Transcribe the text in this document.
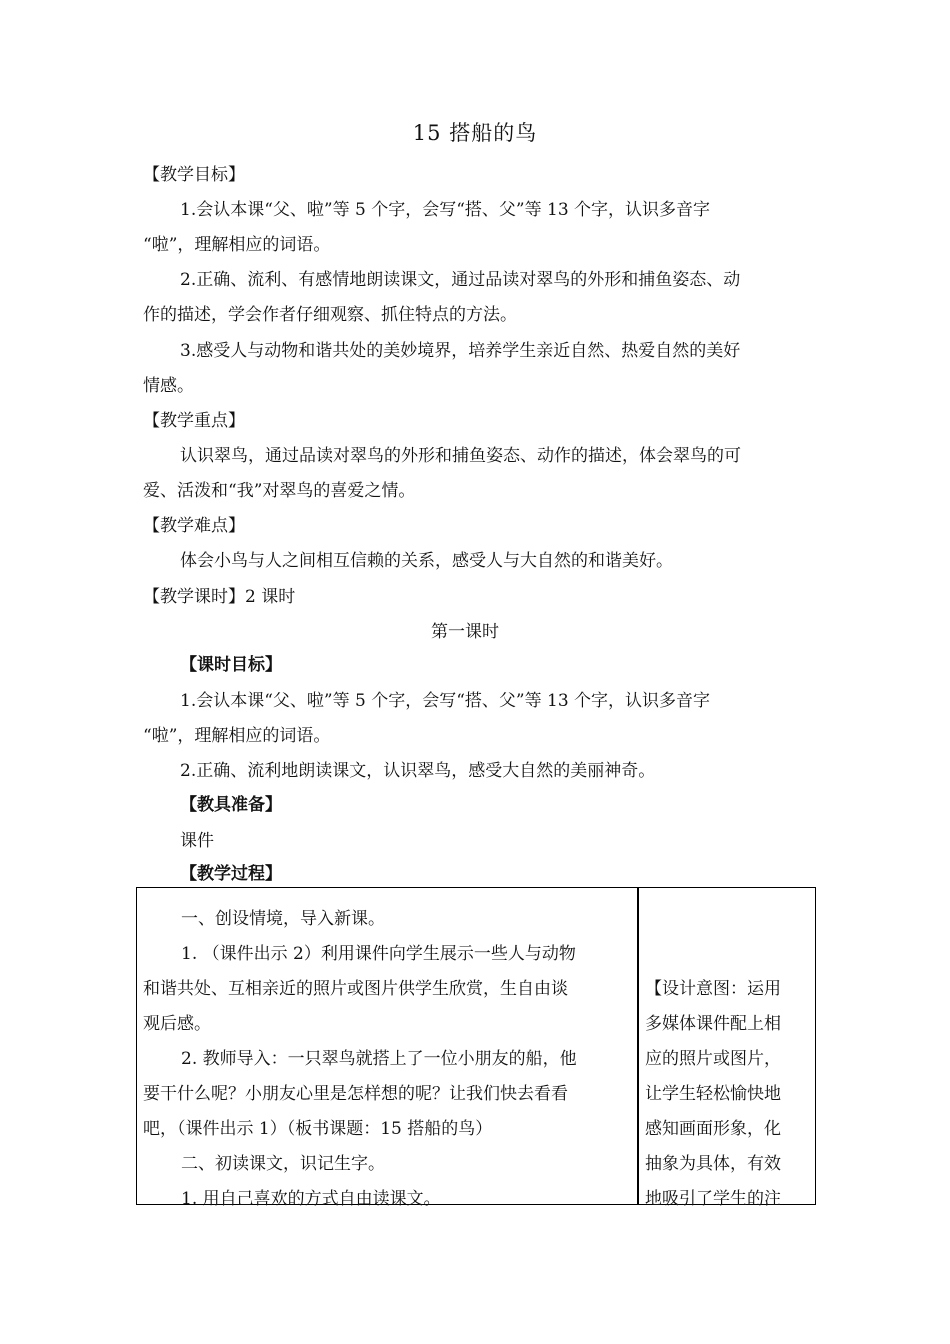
15 搭船的鸟
【教学目标】
1.会认本课“父、啦”等 5 个字，会写“搭、父”等 13 个字，认识多音字
“啦”，理解相应的词语。
2.正确、流利、有感情地朗读课文，通过品读对翠鸟的外形和捕鱼姿态、动
作的描述，学会作者仔细观察、抓住特点的方法。
3.感受人与动物和谐共处的美妙境界，培养学生亲近自然、热爱自然的美好
情感。
【教学重点】
认识翠鸟，通过品读对翠鸟的外形和捕鱼姿态、动作的描述，体会翠鸟的可
爱、活泼和“我”对翠鸟的喜爱之情。
【教学难点】
体会小鸟与人之间相互信赖的关系，感受人与大自然的和谐美好。
【教学课时】2 课时
第一课时
【课时目标】
1.会认本课“父、啦”等 5 个字，会写“搭、父”等 13 个字，认识多音字
“啦”，理解相应的词语。
2.正确、流利地朗读课文，认识翠鸟，感受大自然的美丽神奇。
【教具准备】
课件
【教学过程】
一、创设情境，导入新课。
1. （课件出示 2）利用课件向学生展示一些人与动物
和谐共处、互相亲近的照片或图片供学生欣赏，生自由谈
观后感。
2. 教师导入：一只翠鸟就搭上了一位小朋友的船，他
要干什么呢？小朋友心里是怎样想的呢？让我们快去看看
吧，（课件出示 1）（板书课题：15 搭船的鸟）
二、初读课文，识记生字。
1. 用自己喜欢的方式自由读课文。
【设计意图：运用
多媒体课件配上相
应的照片或图片，
让学生轻松愉快地
感知画面形象，化
抽象为具体，有效
地吸引了学生的注
